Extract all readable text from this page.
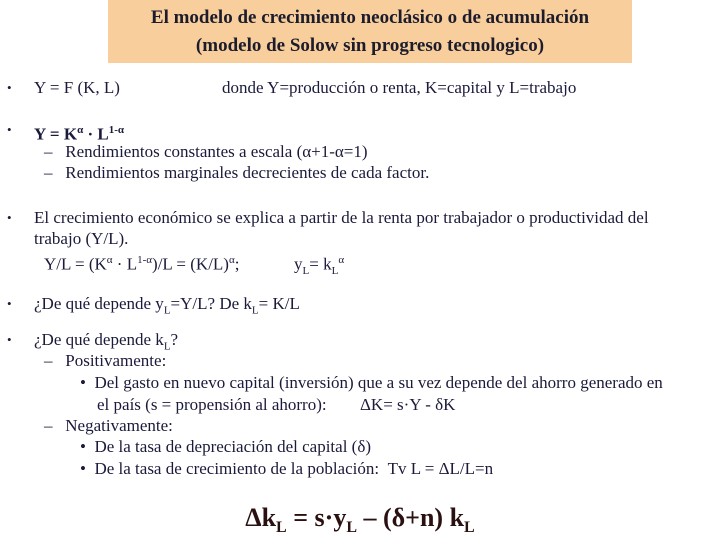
El modelo de crecimiento neoclásico o de acumulación
(modelo de Solow sin progreso tecnologico)
• Y = F (K, L)	donde Y=producción o renta, K=capital y L=trabajo
• $Y = K^\alpha \cdot L^{1-\alpha}$
–   Rendimientos constantes a escala (α+1-α=1)
–   Rendimientos marginales decrecientes de cada factor.
• El crecimiento económico se explica a partir de la renta por trabajador o productividad del
trabajo (Y/L).
$Y/L = (K^\alpha \cdot L^{1-\alpha})/L = (K/L)^\alpha$;	$y_L= k_L^\alpha$
• ¿De qué depende $y_L=Y/L$? De $k_L= K/L$
• ¿De qué depende $k_L$?
–   Positivamente:
•  Del gasto en nuevo capital (inversión) que a su vez depende del ahorro generado en
el país (s = propensión al ahorro): ΔK= s·Y - δK
–   Negativamente:
•  De la tasa de depreciación del capital (δ)
•  De la tasa de crecimiento de la población: Tv L = ΔL/L=n
$\Delta k_L = s\cdot y_L - (\delta+n)$ $k_L$
